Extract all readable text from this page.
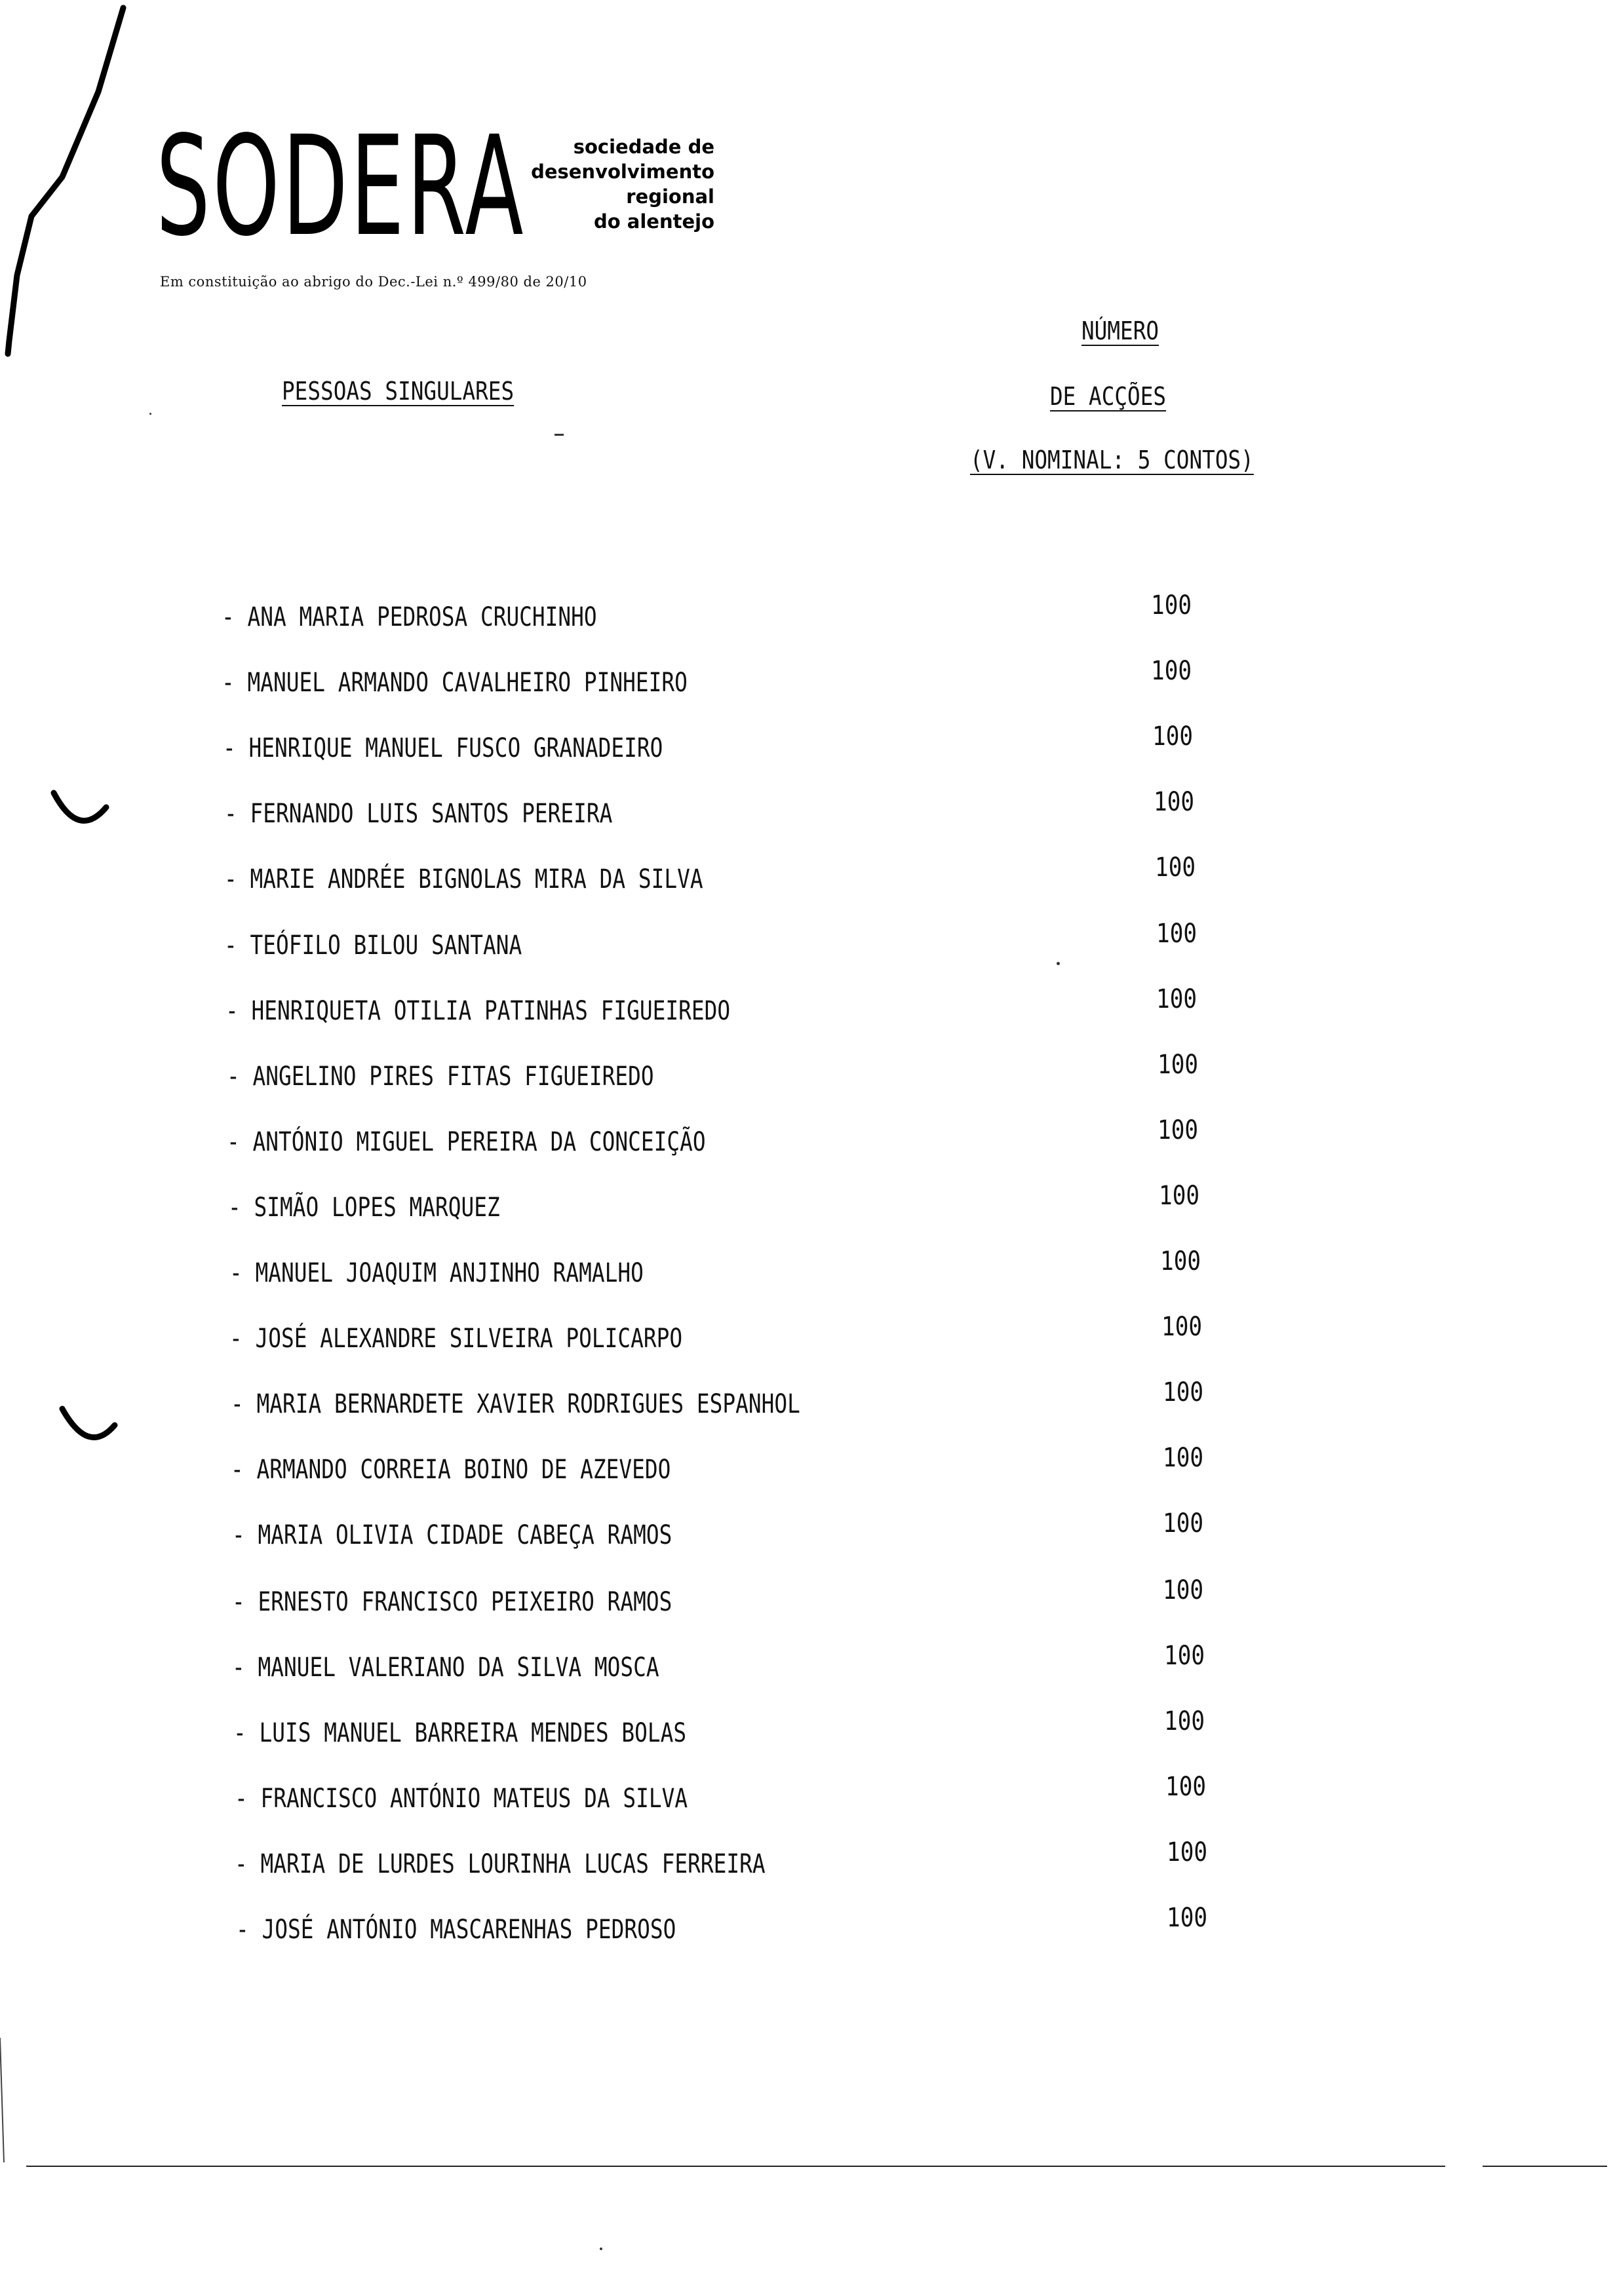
SODERA	sociedade de
desenvolvimento
regional
do alentejo
Em constituição ao abrigo do Dec.-Lei n.º 499/80 de 20/10
PESSOAS SINGULARES
NÚMERO
DE ACÇÕES
(V. NOMINAL: 5 CONTOS)
- ANA MARIA PEDROSA CRUCHINHO	100
- MANUEL ARMANDO CAVALHEIRO PINHEIRO	100
- HENRIQUE MANUEL FUSCO GRANADEIRO	100
- FERNANDO LUIS SANTOS PEREIRA	100
- MARIE ANDRÉE BIGNOLAS MIRA DA SILVA	100
- TEÓFILO BILOU SANTANA	100
- HENRIQUETA OTILIA PATINHAS FIGUEIREDO	100
- ANGELINO PIRES FITAS FIGUEIREDO	100
- ANTÓNIO MIGUEL PEREIRA DA CONCEIÇÃO	100
- SIMÃO LOPES MARQUEZ	100
- MANUEL JOAQUIM ANJINHO RAMALHO	100
- JOSÉ ALEXANDRE SILVEIRA POLICARPO	100
- MARIA BERNARDETE XAVIER RODRIGUES ESPANHOL	100
- ARMANDO CORREIA BOINO DE AZEVEDO	100
- MARIA OLIVIA CIDADE CABEÇA RAMOS	100
- ERNESTO FRANCISCO PEIXEIRO RAMOS	100
- MANUEL VALERIANO DA SILVA MOSCA	100
- LUIS MANUEL BARREIRA MENDES BOLAS	100
- FRANCISCO ANTÓNIO MATEUS DA SILVA	100
- MARIA DE LURDES LOURINHA LUCAS FERREIRA	100
- JOSÉ ANTÓNIO MASCARENHAS PEDROSO	100
